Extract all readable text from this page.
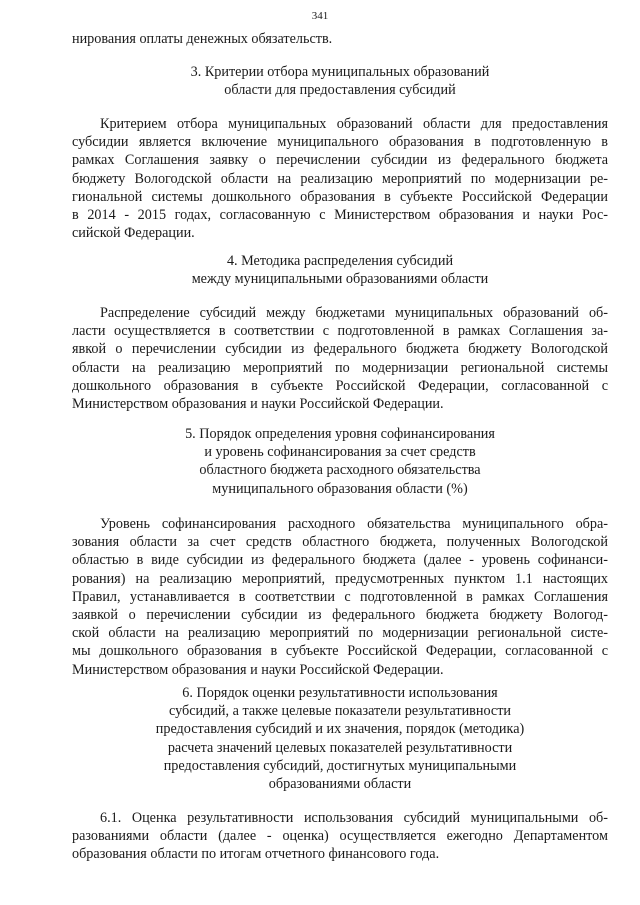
341

нирования оплаты денежных обязательств.

3. Критерии отбора муниципальных образований
области для предоставления субсидий

Критерием отбора муниципальных образований области для предоставления
субсидии является включение муниципального образования в подготовленную в
рамках Соглашения заявку о перечислении субсидии из федерального бюджета
бюджету Вологодской области на реализацию мероприятий по модернизации ре-
гиональной системы дошкольного образования в субъекте Российской Федерации
в 2014 - 2015 годах, согласованную с Министерством образования и науки Рос-
сийской Федерации.

4. Методика распределения субсидий
между муниципальными образованиями области

Распределение субсидий между бюджетами муниципальных образований об-
ласти осуществляется в соответствии с подготовленной в рамках Соглашения за-
явкой о перечислении субсидии из федерального бюджета бюджету Вологодской
области на реализацию мероприятий по модернизации региональной системы
дошкольного образования в субъекте Российской Федерации, согласованной с
Министерством образования и науки Российской Федерации.

5. Порядок определения уровня софинансирования
и уровень софинансирования за счет средств
областного бюджета расходного обязательства
муниципального образования области (%)

Уровень софинансирования расходного обязательства муниципального обра-
зования области за счет средств областного бюджета, полученных Вологодской
областью в виде субсидии из федерального бюджета (далее - уровень софинанси-
рования) на реализацию мероприятий, предусмотренных пунктом 1.1 настоящих
Правил, устанавливается в соответствии с подготовленной в рамках Соглашения
заявкой о перечислении субсидии из федерального бюджета бюджету Вологод-
ской области на реализацию мероприятий по модернизации региональной систе-
мы дошкольного образования в субъекте Российской Федерации, согласованной с
Министерством образования и науки Российской Федерации.

6. Порядок оценки результативности использования
субсидий, а также целевые показатели результативности
предоставления субсидий и их значения, порядок (методика)
расчета значений целевых показателей результативности
предоставления субсидий, достигнутых муниципальными
образованиями области

6.1. Оценка результативности использования субсидий муниципальными об-
разованиями области (далее - оценка) осуществляется ежегодно Департаментом
образования области по итогам отчетного финансового года.
